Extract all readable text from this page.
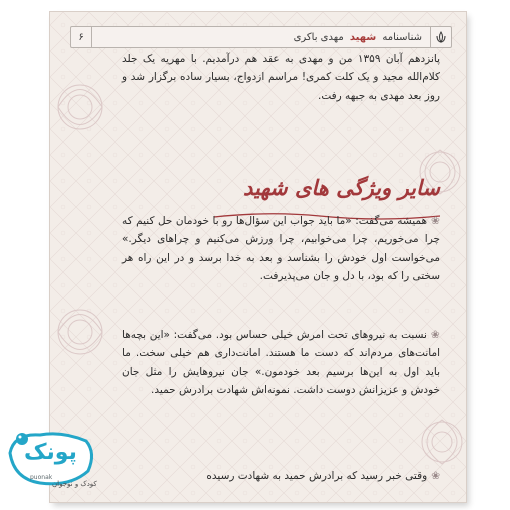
شناسنامه شهید مهدی باکری
۶

پانزدهم آبان ۱۳۵۹ من و مهدی به عقد هم درآمدیم. با مهریه یک جلد کلام‌الله مجید و یک کلت کمری! مراسم ازدواج، بسیار ساده برگزار شد و روز بعد مهدی به جبهه رفت.

سایر ویژگی های شهید

❀همیشه می‌گفت: «ما باید جواب این سؤال‌ها رو با خودمان حل کنیم که چرا می‌خوریم، چرا می‌خوابیم، چرا ورزش می‌کنیم و چراهای دیگر.» می‌خواست اول خودش را بشناسد و بعد به خدا برسد و در این راه هر سختی را که بود، با دل و جان می‌پذیرفت.

❀نسبت به نیروهای تحت امرش خیلی حساس بود. می‌گفت: «این بچه‌ها امانت‌های مردم‌اند که دست ما هستند. امانت‌داری هم خیلی سخت. ما باید اول به این‌ها برسیم بعد خودمون.» جان نیروهایش را مثل جان خودش و عزیزانش دوست داشت. نمونه‌اش شهادت برادرش حمید.

❀وقتی خبر رسید که برادرش حمید به شهادت رسیده

پونک
puonak
کودک و نوجوان
